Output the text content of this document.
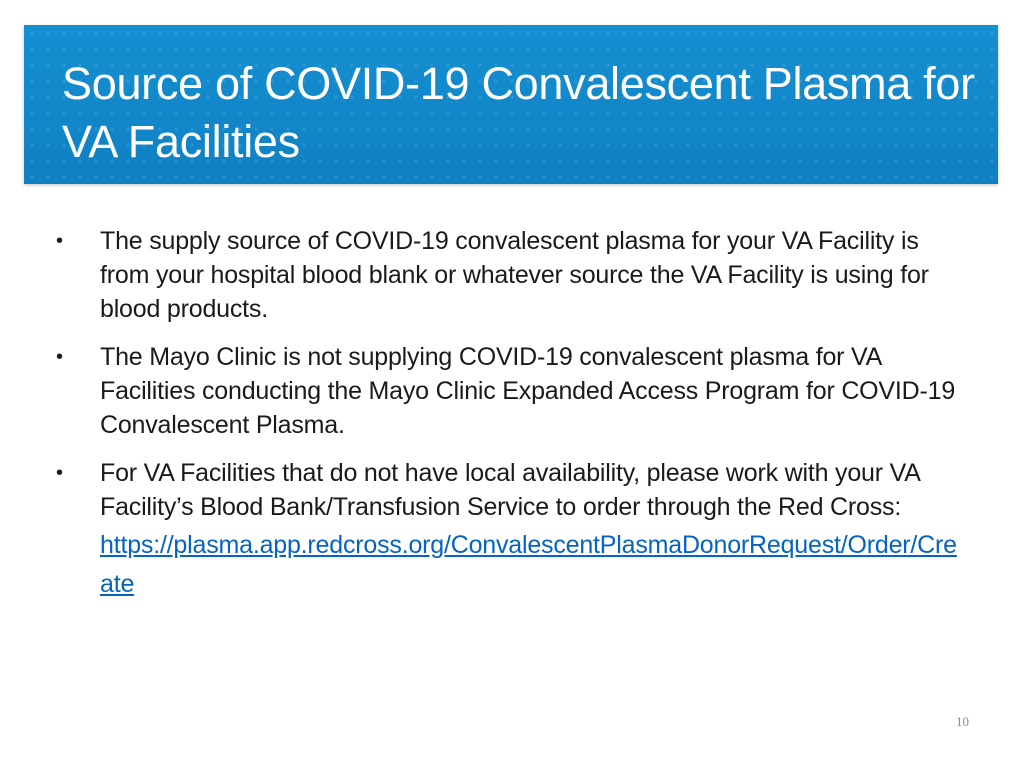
Source of COVID-19 Convalescent Plasma for VA Facilities
•	The supply source of COVID-19 convalescent plasma for your VA Facility is from your hospital blood blank or whatever source the VA Facility is using for blood products.
•	The Mayo Clinic is not supplying COVID-19 convalescent plasma for VA Facilities conducting the Mayo Clinic Expanded Access Program for COVID-19 Convalescent Plasma.
•	For VA Facilities that do not have local availability, please work with your VA Facility’s Blood Bank/Transfusion Service to order through the Red Cross:
https://plasma.app.redcross.org/ConvalescentPlasmaDonorRequest/Order/Create
10
